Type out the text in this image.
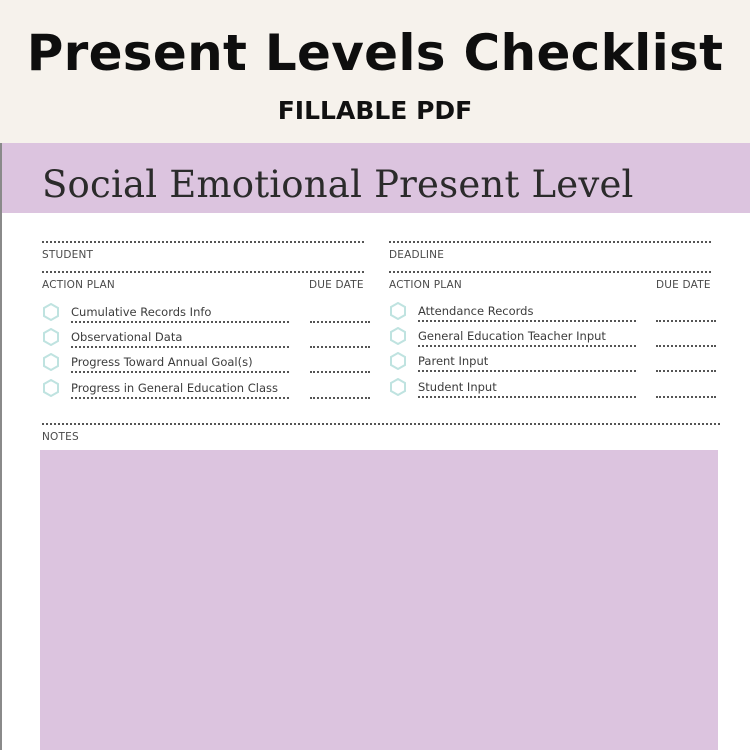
Present Levels Checklist
FILLABLE PDF
Social Emotional Present Level
STUDENT	DEADLINE
ACTION PLAN	DUE DATE ACTION PLAN	DUE DATE
Cumulative Records Info
Observational Data
Progress Toward Annual Goal(s)
Progress in General Education Class
Attendance Records
General Education Teacher Input
Parent Input
Student Input
NOTES
